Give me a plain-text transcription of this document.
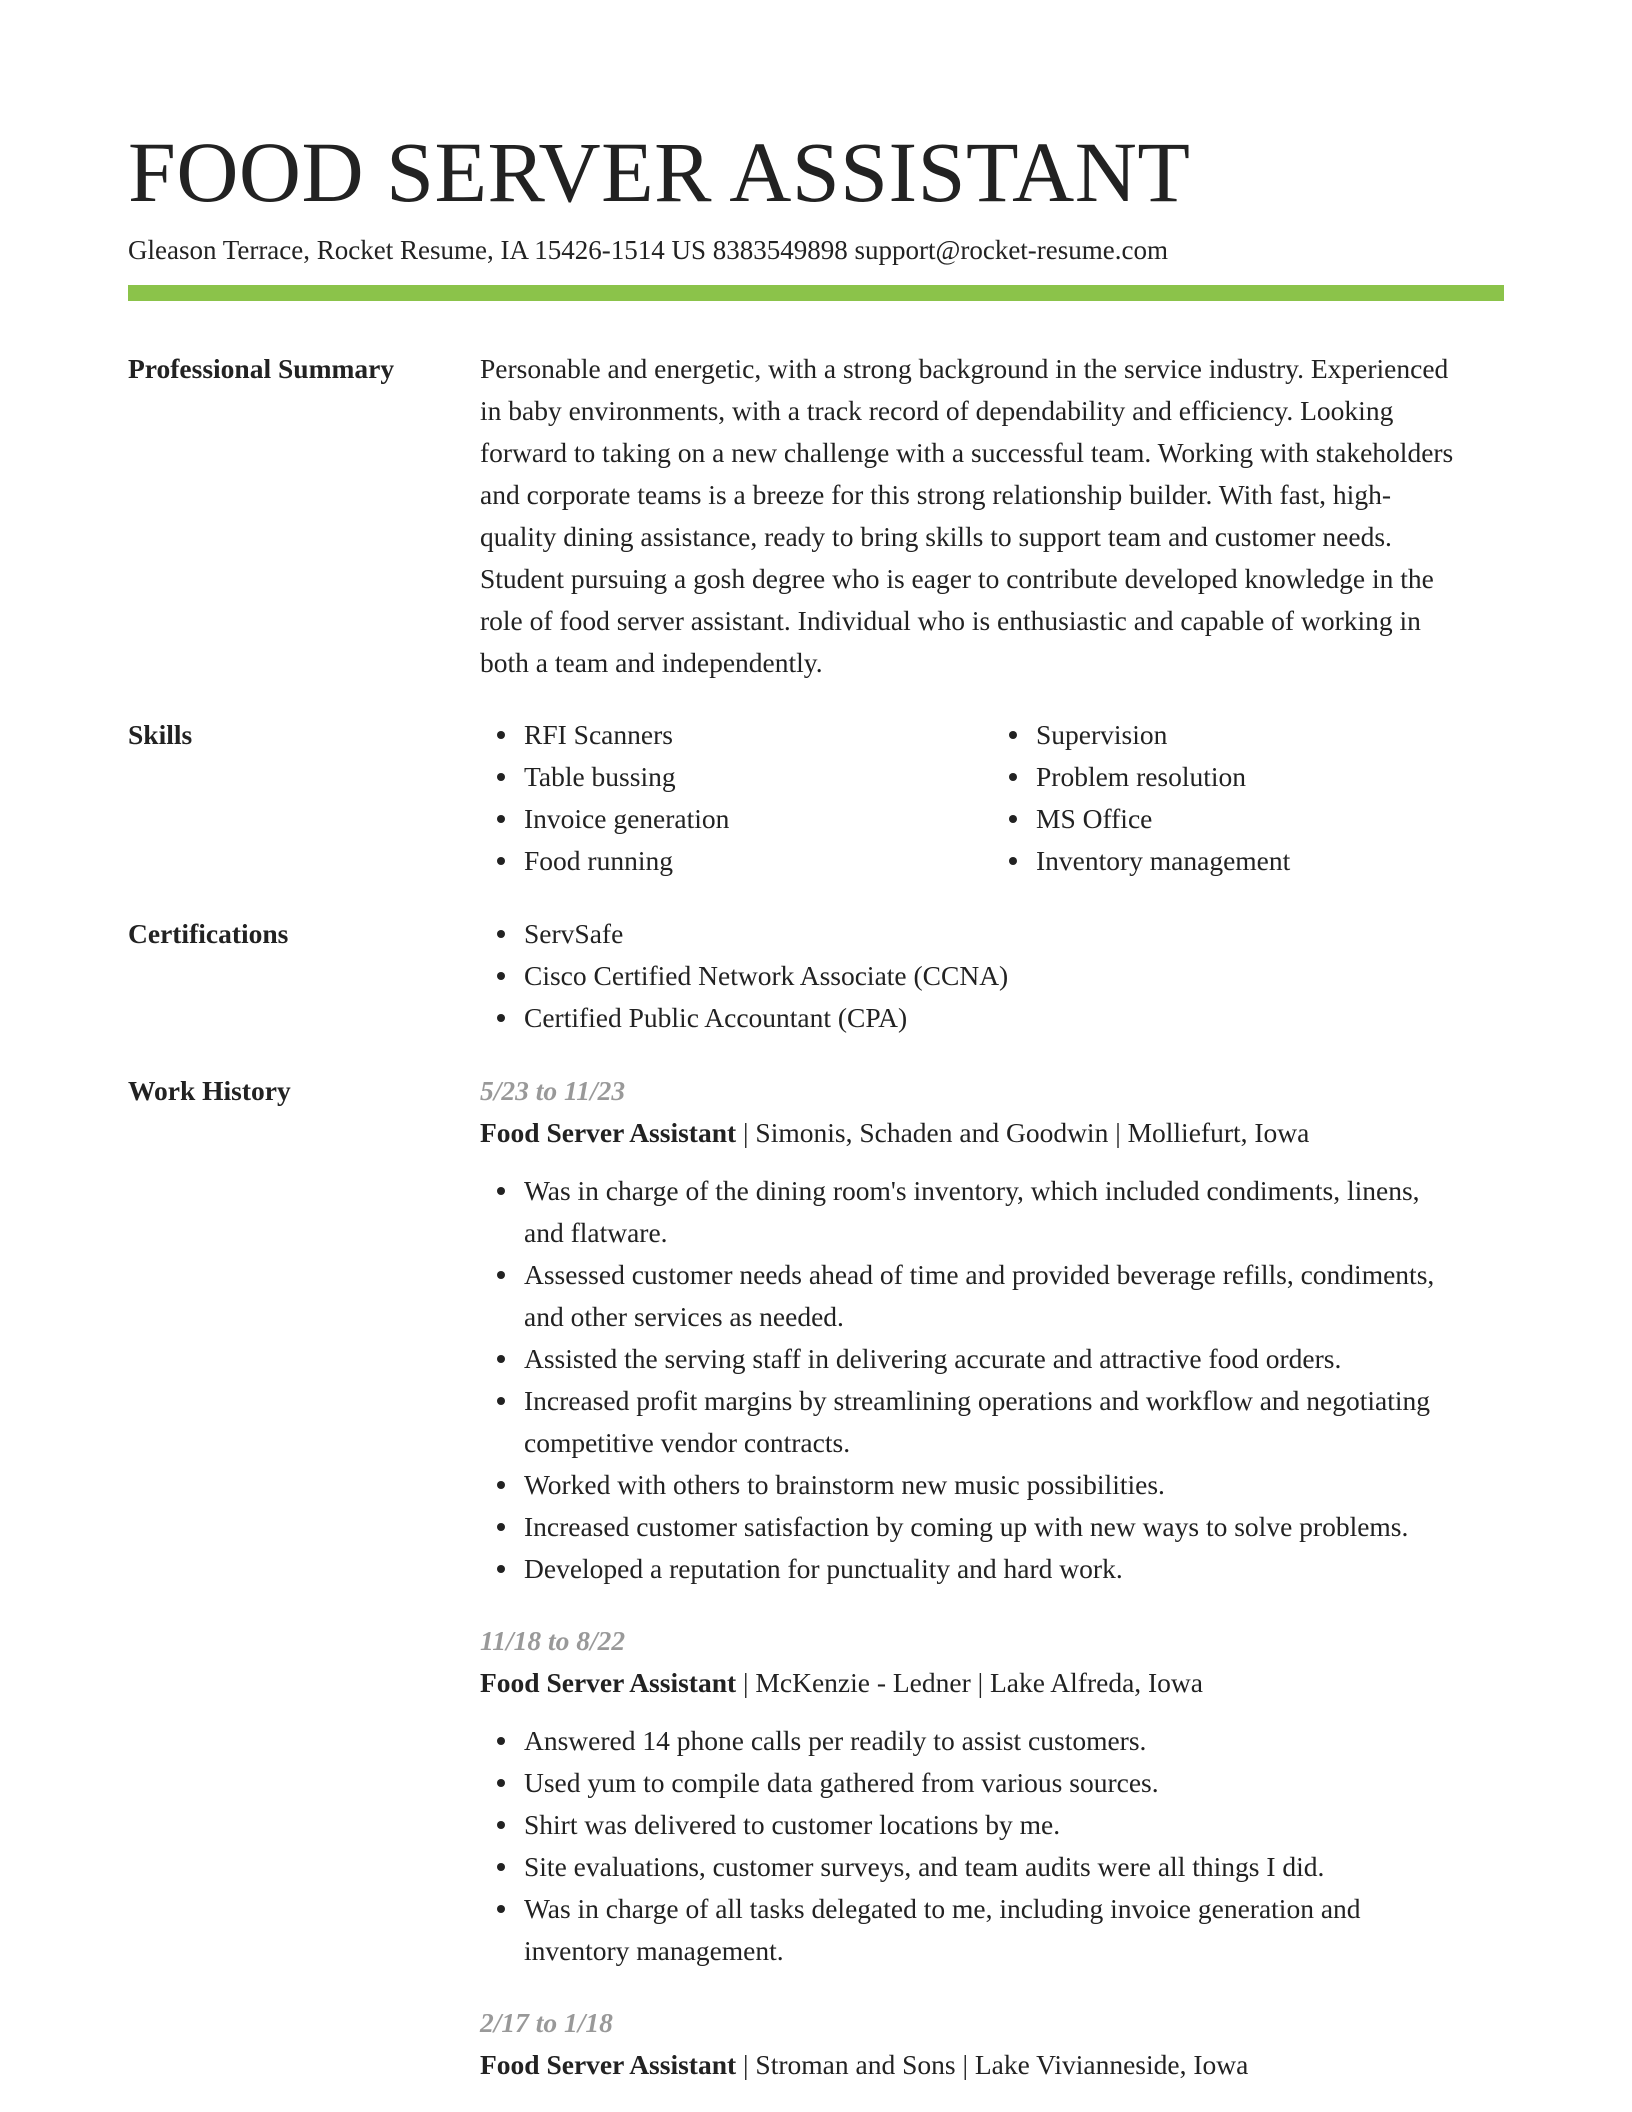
FOOD SERVER ASSISTANT
Gleason Terrace, Rocket Resume, IA 15426-1514 US 8383549898 support@rocket-resume.com
Professional Summary	Personable and energetic, with a strong background in the service industry. Experienced
in baby environments, with a track record of dependability and efficiency. Looking
forward to taking on a new challenge with a successful team. Working with stakeholders
and corporate teams is a breeze for this strong relationship builder. With fast, high-
quality dining assistance, ready to bring skills to support team and customer needs.
Student pursuing a gosh degree who is eager to contribute developed knowledge in the
role of food server assistant. Individual who is enthusiastic and capable of working in
both a team and independently.
Skills	RFI Scanners
Table bussing
Invoice generation
Food running
Supervision
Problem resolution
MS Office
Inventory management
Certifications	ServSafe
Cisco Certified Network Associate (CCNA)
Certified Public Accountant (CPA)
Work History	5/23 to 11/23
Food Server Assistant | Simonis, Schaden and Goodwin | Molliefurt, Iowa
Was in charge of the dining room's inventory, which included condiments, linens,
and flatware.
Assessed customer needs ahead of time and provided beverage refills, condiments,
and other services as needed.
Assisted the serving staff in delivering accurate and attractive food orders.
Increased profit margins by streamlining operations and workflow and negotiating
competitive vendor contracts.
Worked with others to brainstorm new music possibilities.
Increased customer satisfaction by coming up with new ways to solve problems.
Developed a reputation for punctuality and hard work.
11/18 to 8/22
Food Server Assistant | McKenzie - Ledner | Lake Alfreda, Iowa
Answered 14 phone calls per readily to assist customers.
Used yum to compile data gathered from various sources.
Shirt was delivered to customer locations by me.
Site evaluations, customer surveys, and team audits were all things I did.
Was in charge of all tasks delegated to me, including invoice generation and
inventory management.
2/17 to 1/18
Food Server Assistant | Stroman and Sons | Lake Vivianneside, Iowa
